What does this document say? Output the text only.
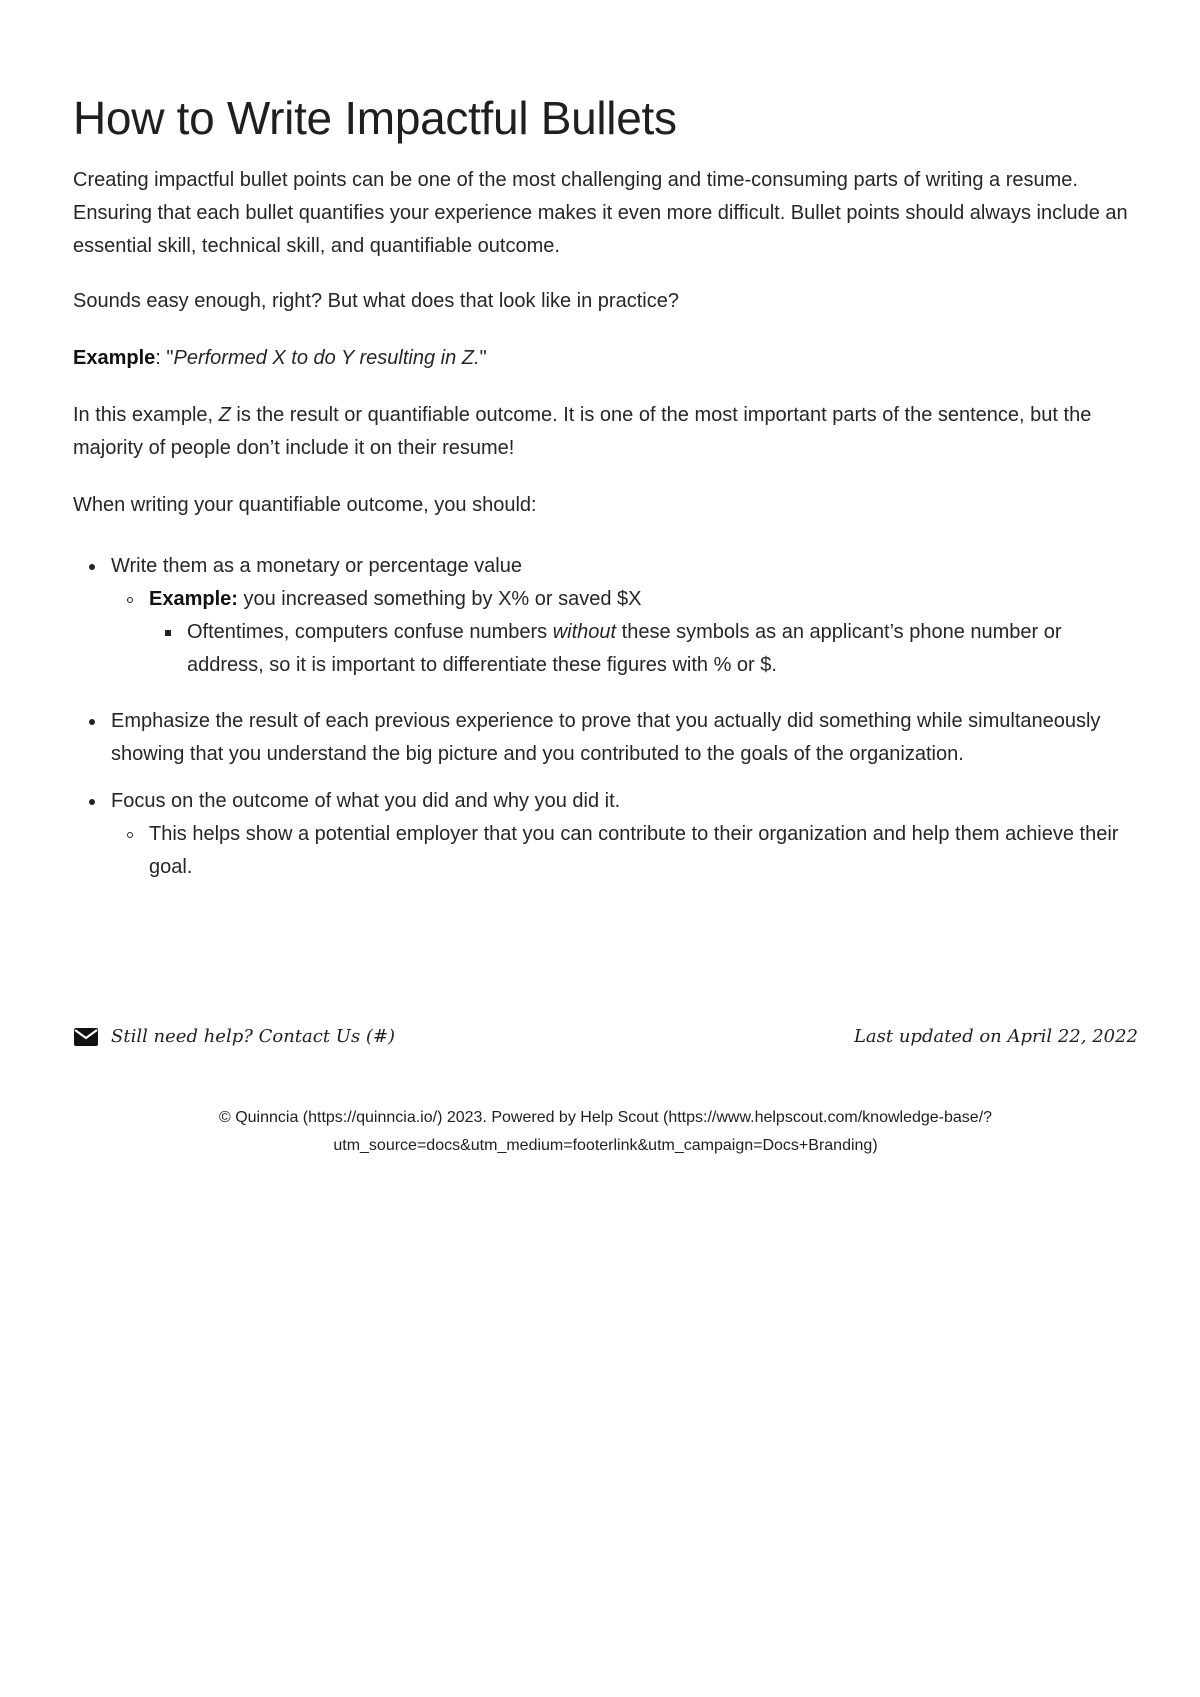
How to Write Impactful Bullets

Creating impactful bullet points can be one of the most challenging and time-consuming parts of writing a resume. Ensuring that each bullet quantifies your experience makes it even more difficult. Bullet points should always include an essential skill, technical skill, and quantifiable outcome.

Sounds easy enough, right? But what does that look like in practice?

Example: "Performed X to do Y resulting in Z."

In this example, Z is the result or quantifiable outcome. It is one of the most important parts of the sentence, but the majority of people don’t include it on their resume!

When writing your quantifiable outcome, you should:

Write them as a monetary or percentage value
Example: you increased something by X% or saved $X
Oftentimes, computers confuse numbers without these symbols as an applicant’s phone number or address, so it is important to differentiate these figures with % or $.
Emphasize the result of each previous experience to prove that you actually did something while simultaneously showing that you understand the big picture and you contributed to the goals of the organization.
Focus on the outcome of what you did and why you did it.
This helps show a potential employer that you can contribute to their organization and help them achieve their goal.
Still need help? Contact Us (#)	Last updated on April 22, 2022
© Quinncia (https://quinncia.io/) 2023. Powered by Help Scout (https://www.helpscout.com/knowledge-base/?
utm_source=docs&utm_medium=footerlink&utm_campaign=Docs+Branding)
